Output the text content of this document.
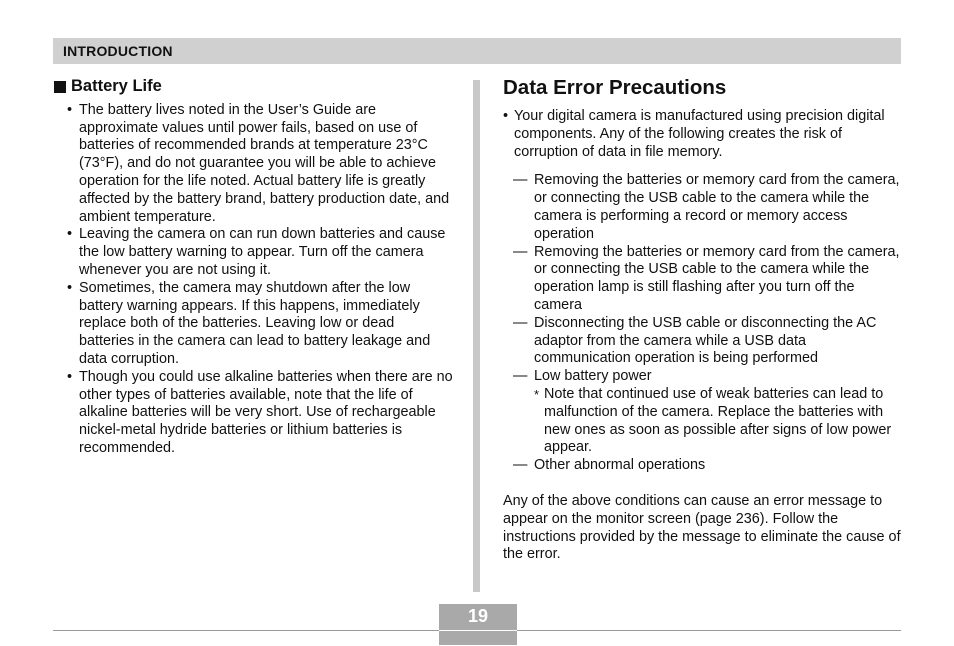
INTRODUCTION
Battery Life
• The battery lives noted in the User’s Guide are approximate values until power fails, based on use of batteries of recommended brands at temperature 23°C (73°F), and do not guarantee you will be able to achieve operation for the life noted. Actual battery life is greatly affected by the battery brand, battery production date, and ambient temperature.
• Leaving the camera on can run down batteries and cause the low battery warning to appear. Turn off the camera whenever you are not using it.
• Sometimes, the camera may shutdown after the low battery warning appears. If this happens, immediately replace both of the batteries. Leaving low or dead batteries in the camera can lead to battery leakage and data corruption.
• Though you could use alkaline batteries when there are no other types of batteries available, note that the life of alkaline batteries will be very short. Use of rechargeable nickel-metal hydride batteries or lithium batteries is recommended.
Data Error Precautions
• Your digital camera is manufactured using precision digital components. Any of the following creates the risk of corruption of data in file memory.
— Removing the batteries or memory card from the camera, or connecting the USB cable to the camera while the camera is performing a record or memory access operation
— Removing the batteries or memory card from the camera, or connecting the USB cable to the camera while the operation lamp is still flashing after you turn off the camera
— Disconnecting the USB cable or disconnecting the AC adaptor from the camera while a USB data communication operation is being performed
— Low battery power
* Note that continued use of weak batteries can lead to malfunction of the camera. Replace the batteries with new ones as soon as possible after signs of low power appear.
— Other abnormal operations

Any of the above conditions can cause an error message to appear on the monitor screen (page 236). Follow the instructions provided by the message to eliminate the cause of the error.

19
